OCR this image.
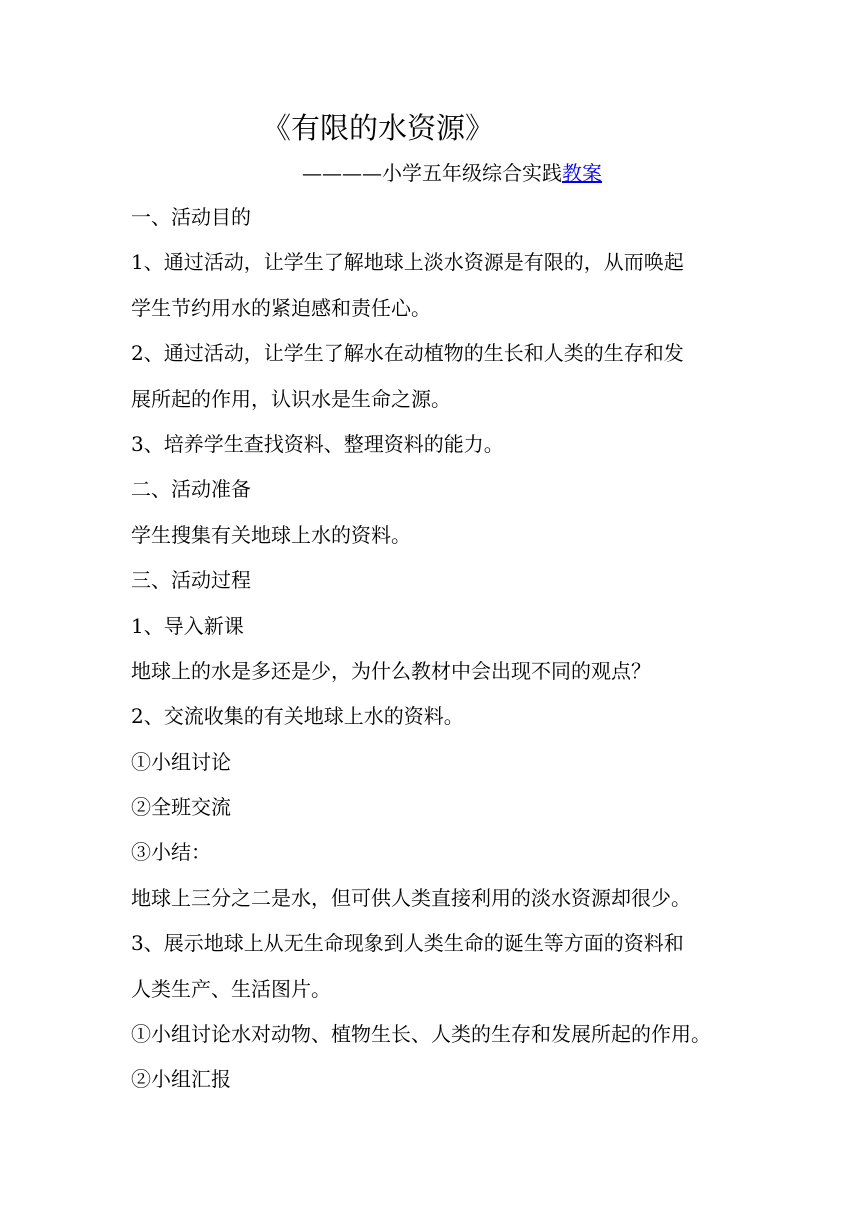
《有限的水资源》
————小学五年级综合实践教案
一、活动目的
1、通过活动，让学生了解地球上淡水资源是有限的，从而唤起
学生节约用水的紧迫感和责任心。
2、通过活动，让学生了解水在动植物的生长和人类的生存和发
展所起的作用，认识水是生命之源。
3、培养学生查找资料、整理资料的能力。
二、活动准备
学生搜集有关地球上水的资料。
三、活动过程
1、导入新课
地球上的水是多还是少，为什么教材中会出现不同的观点？
2、交流收集的有关地球上水的资料。
①小组讨论
②全班交流
③小结：
地球上三分之二是水，但可供人类直接利用的淡水资源却很少。
3、展示地球上从无生命现象到人类生命的诞生等方面的资料和
人类生产、生活图片。
①小组讨论水对动物、植物生长、人类的生存和发展所起的作用。
②小组汇报
